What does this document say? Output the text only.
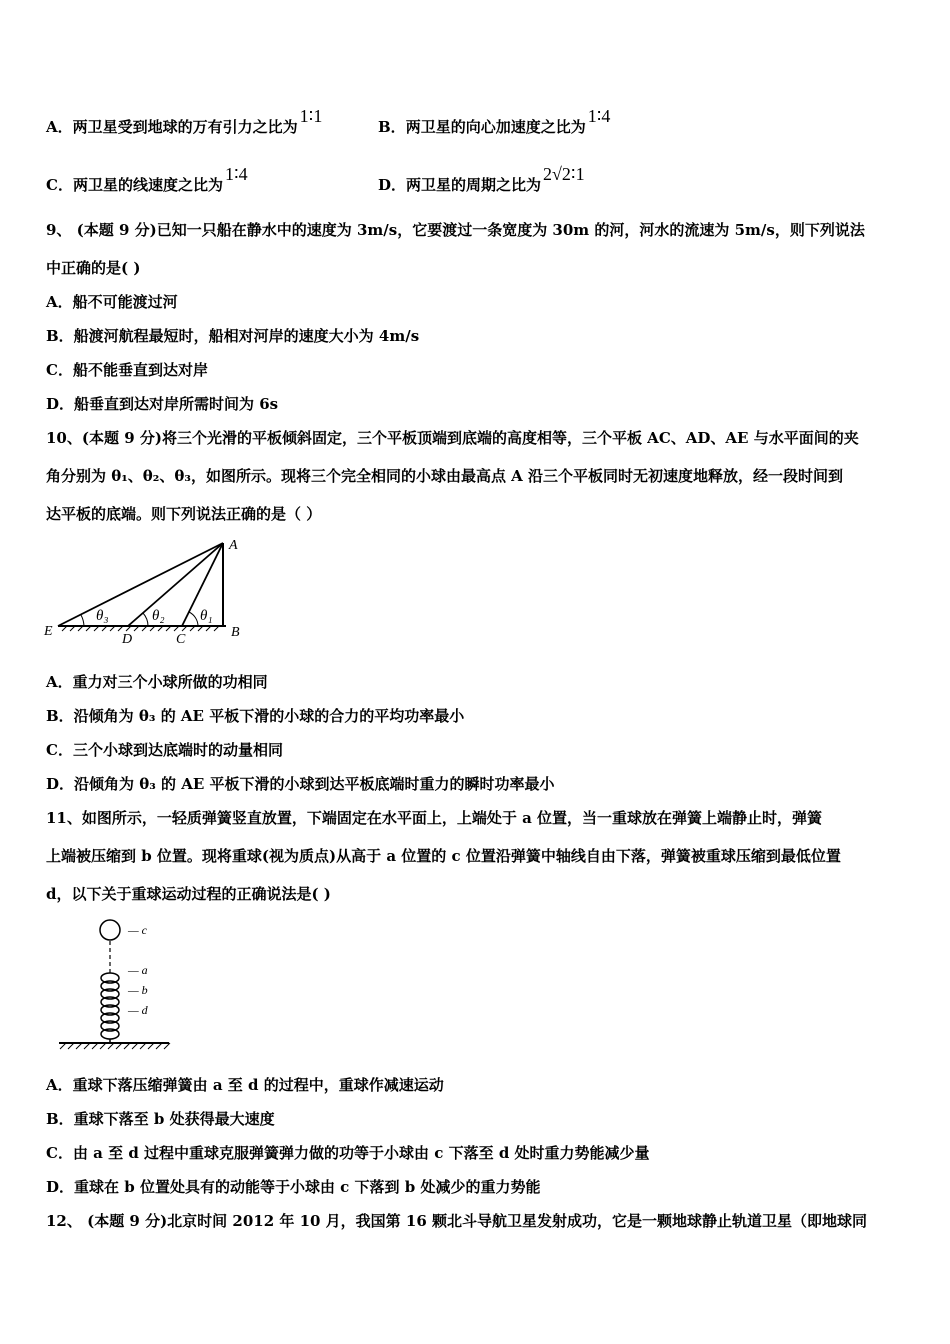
A．两卫星受到地球的万有引力之比为1∶1
B．两卫星的向心加速度之比为1∶4
C．两卫星的线速度之比为1∶4
D．两卫星的周期之比为2√2∶1
9、 (本题 9 分)已知一只船在静水中的速度为 3m/s，它要渡过一条宽度为 30m 的河，河水的流速为 5m/s，则下列说法
中正确的是( )
A．船不可能渡过河
B．船渡河航程最短时，船相对河岸的速度大小为 4m/s
C．船不能垂直到达对岸
D．船垂直到达对岸所需时间为 6s
10、(本题 9 分)将三个光滑的平板倾斜固定，三个平板顶端到底端的高度相等，三个平板 AC、AD、AE 与水平面间的夹
角分别为 θ₁、θ₂、θ₃，如图所示。现将三个完全相同的小球由最高点 A 沿三个平板同时无初速度地释放，经一段时间到
达平板的底端。则下列说法正确的是（ ）
A
B
C
D
E
θ₁
θ₂
θ₃
A．重力对三个小球所做的功相同
B．沿倾角为 θ₃ 的 AE 平板下滑的小球的合力的平均功率最小
C．三个小球到达底端时的动量相同
D．沿倾角为 θ₃ 的 AE 平板下滑的小球到达平板底端时重力的瞬时功率最小
11、如图所示，一轻质弹簧竖直放置，下端固定在水平面上，上端处于 a 位置，当一重球放在弹簧上端静止时，弹簧
上端被压缩到 b 位置。现将重球(视为质点)从高于 a 位置的 c 位置沿弹簧中轴线自由下落，弹簧被重球压缩到最低位置
d，以下关于重球运动过程的正确说法是( )
— c
— a
— b
— d
A．重球下落压缩弹簧由 a 至 d 的过程中，重球作减速运动
B．重球下落至 b 处获得最大速度
C．由 a 至 d 过程中重球克服弹簧弹力做的功等于小球由 c 下落至 d 处时重力势能减少量
D．重球在 b 位置处具有的动能等于小球由 c 下落到 b 处减少的重力势能
12、 (本题 9 分)北京时间 2012 年 10 月，我国第 16 颗北斗导航卫星发射成功，它是一颗地球静止轨道卫星（即地球同
